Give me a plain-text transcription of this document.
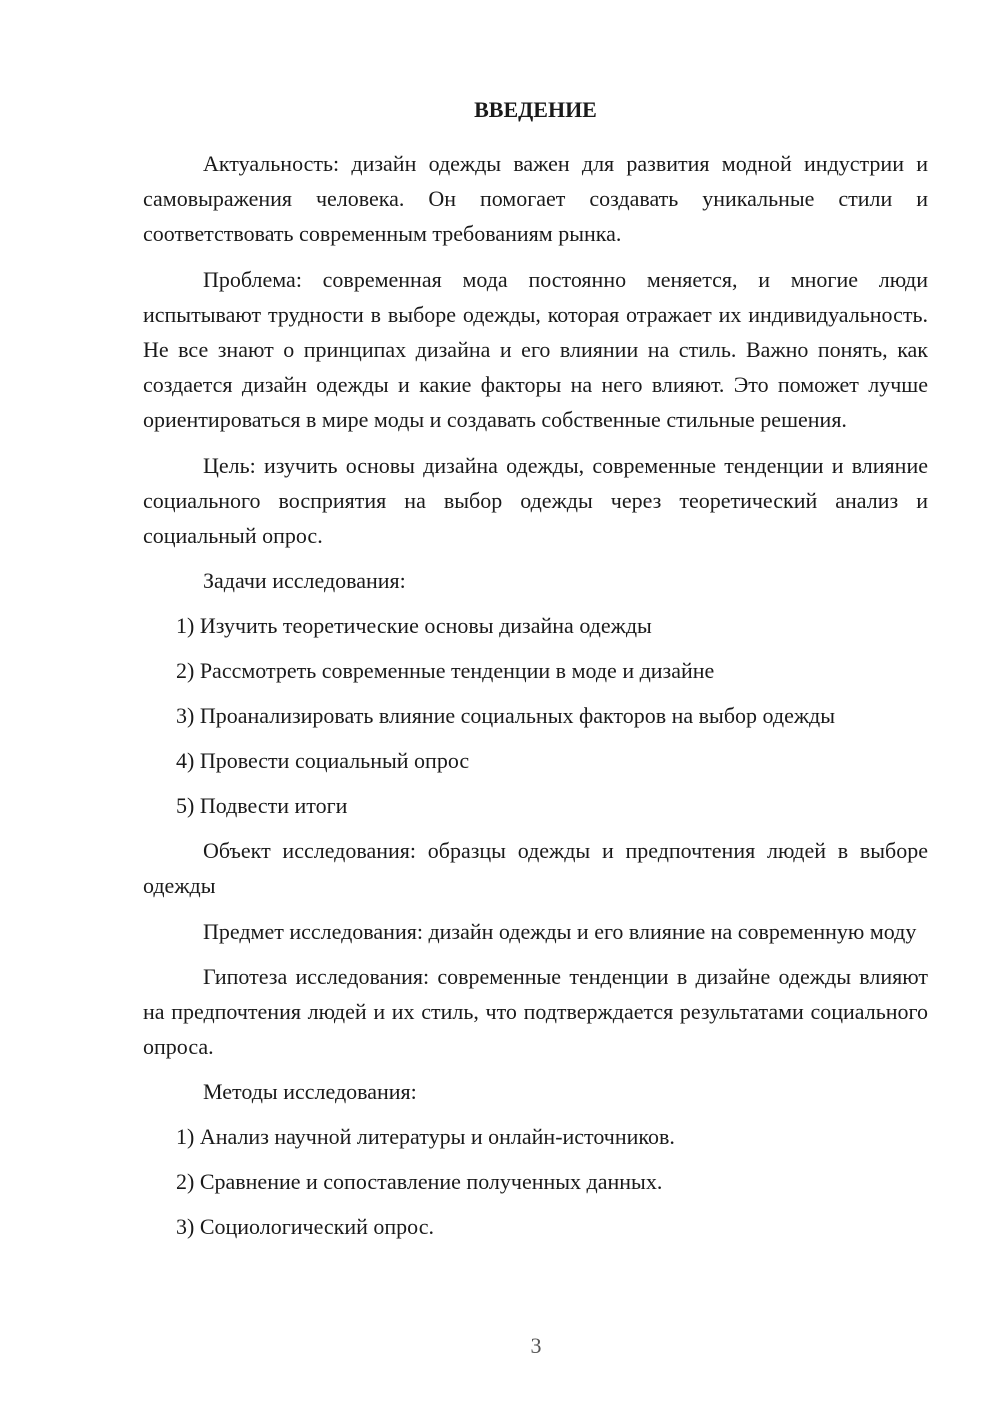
ВВЕДЕНИЕ

Актуальность: дизайн одежды важен для развития модной индустрии и самовыражения человека. Он помогает создавать уникальные стили и соответствовать современным требованиям рынка.

Проблема: современная мода постоянно меняется, и многие люди испытывают трудности в выборе одежды, которая отражает их индивидуальность. Не все знают о принципах дизайна и его влиянии на стиль. Важно понять, как создается дизайн одежды и какие факторы на него влияют. Это поможет лучше ориентироваться в мире моды и создавать собственные стильные решения.

Цель: изучить основы дизайна одежды, современные тенденции и влияние социального восприятия на выбор одежды через теоретический анализ и социальный опрос.

Задачи исследования:

1) Изучить теоретические основы дизайна одежды

2) Рассмотреть современные тенденции в моде и дизайне

3) Проанализировать влияние социальных факторов на выбор одежды

4) Провести социальный опрос

5) Подвести итоги

Объект исследования: образцы одежды и предпочтения людей в выборе одежды

Предмет исследования: дизайн одежды и его влияние на современную моду

Гипотеза исследования: современные тенденции в дизайне одежды влияют на предпочтения людей и их стиль, что подтверждается результатами социального опроса.

Методы исследования:

1) Анализ научной литературы и онлайн-источников.

2) Сравнение и сопоставление полученных данных.

3) Социологический опрос.

3
